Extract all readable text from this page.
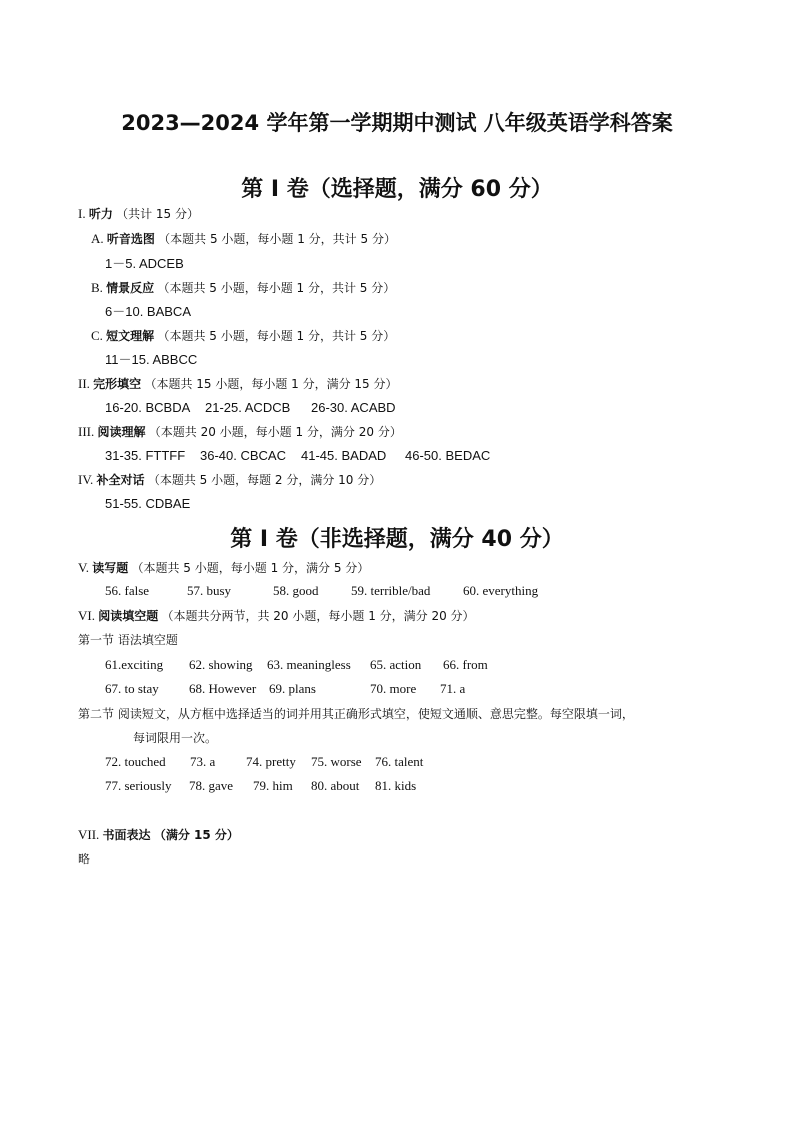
2023—2024 学年第一学期期中测试 八年级英语学科答案
第 I 卷（选择题，满分 60 分）
I. 听力 （共计 15 分）
A. 听音选图 （本题共 5 小题，每小题 1 分，共计 5 分）
1－5. ADCEB
B. 情景反应 （本题共 5 小题，每小题 1 分，共计 5 分）
6－10. BABCA
C. 短文理解 （本题共 5 小题，每小题 1 分，共计 5 分）
11－15. ABBCC
II. 完形填空 （本题共 15 小题，每小题 1 分，满分 15 分）
16-20. BCBDA 21-25. ACDCB 26-30. ACABD
III. 阅读理解 （本题共 20 小题，每小题 1 分，满分 20 分）
31-35. FTTFF 36-40. CBCAC 41-45. BADAD 46-50. BEDAC
IV. 补全对话 （本题共 5 小题，每题 2 分，满分 10 分）
51-55. CDBAE
第 I 卷（非选择题，满分 40 分）
V. 读写题 （本题共 5 小题，每小题 1 分，满分 5 分）
56. false	57. busy	58. good	59. terrible/bad	60. everything
VI. 阅读填空题 （本题共分两节，共 20 小题，每小题 1 分，满分 20 分）
第一节 语法填空题
61.exciting 62. showing 63. meaningless 65. action 66. from
67. to stay 68. However 69. plans	70. more 71. a
第二节 阅读短文，从方框中选择适当的词并用其正确形式填空，使短文通顺、意思完整。每空限填一词，
每词限用一次。
72. touched 73. a 74. pretty 75. worse 76. talent
77. seriously 78. gave 79. him 80. about 81. kids
VII. 书面表达 （满分 15 分）
略
